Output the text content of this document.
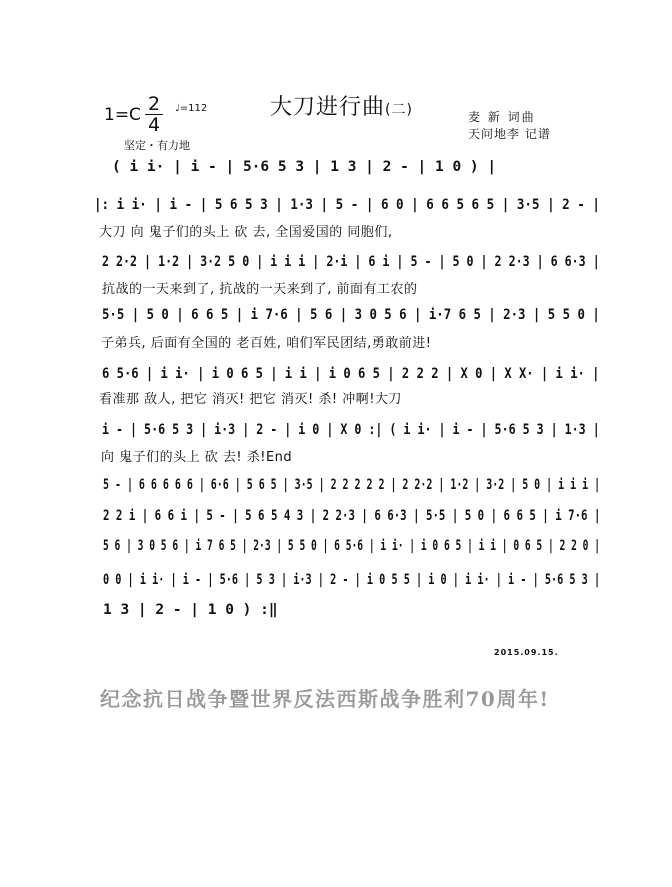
大刀进行曲(二)
1=C 2
4
♩=112
坚定・有力地
麦 新 词曲
天问地李 记谱
( i i· | i - | 5·6 5 3 | 1 3 | 2 - | 1 0 ) |
|: i i· | i - | 5 6 5 3 | 1·3 | 5 - | 6 0 | 6 6 5 6 5 | 3·5 | 2 - |
大刀 向 鬼子们的头上 砍 去, 全国爱国的 同胞们,
2 2·2 | 1·2 | 3·2 5 0 | i i i | 2·i | 6 i | 5 - | 5 0 | 2 2·3 | 6 6·3 |
抗战的一天来到了, 抗战的一天来到了, 前面有工农的
5·5 | 5 0 | 6 6 5 | i 7·6 | 5 6 | 3 0 5 6 | i·7 6 5 | 2·3 | 5 5 0 |
子弟兵, 后面有全国的 老百姓, 咱们军民团结,勇敢前进!
6 5·6 | i i· | i 0 6 5 | i i | i 0 6 5 | 2 2 2 | X 0 | X X· | i i· |
看准那 敌人, 把它 消灭! 把它 消灭! 杀! 冲啊!大刀
i - | 5·6 5 3 | i·3 | 2 - | i 0 | X 0 :| ( i i· | i - | 5·6 5 3 | 1·3 |
向 鬼子们的头上 砍 去! 杀!End
5 - | 6 6 6 6 6 | 6·6 | 5 6 5 | 3·5 | 2 2 2 2 2 | 2 2·2 | 1·2 | 3·2 | 5 0 | i i i |
2 2 i | 6 6 i | 5 - | 5 6 5 4 3 | 2 2·3 | 6 6·3 | 5·5 | 5 0 | 6 6 5 | i 7·6 |
5 6 | 3 0 5 6 | i 7 6 5 | 2·3 | 5 5 0 | 6 5·6 | i i· | i 0 6 5 | i i | 0 6 5 | 2 2 0 |
0 0 | i i· | i - | 5·6 | 5 3 | i·3 | 2 - | i 0 5 5 | i 0 | i i· | i - | 5·6 5 3 |
1 3 | 2 - | 1 0 ) :‖
2015.09.15.
纪念抗日战争暨世界反法西斯战争胜利70周年!
